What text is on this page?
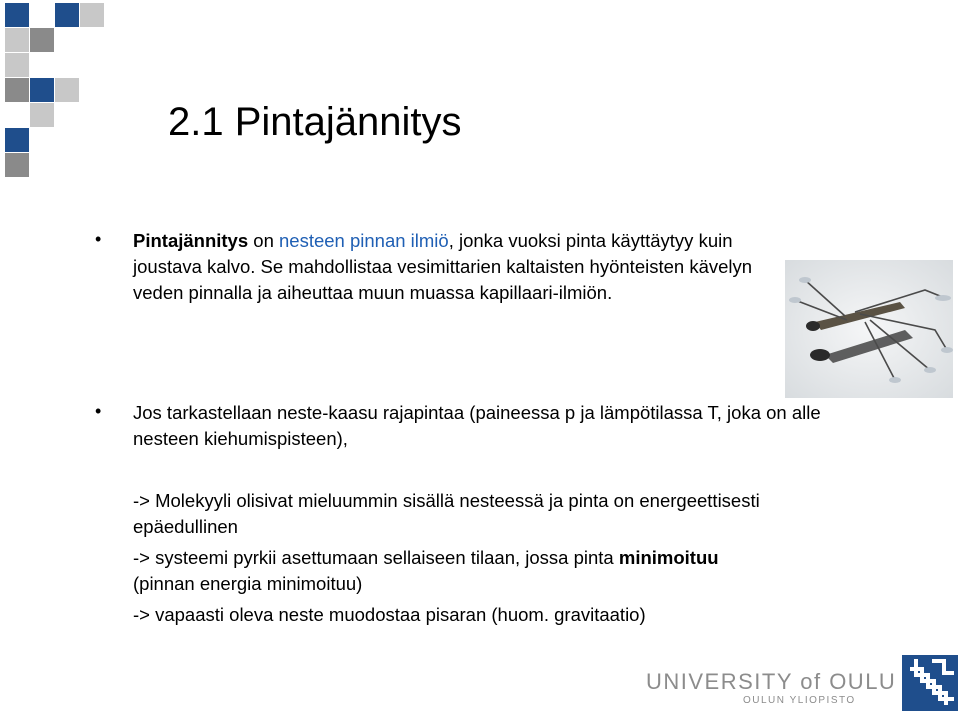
2.1 Pintajännitys
• Pintajännitys on nesteen pinnan ilmiö, jonka vuoksi pinta käyttäytyy kuin joustava kalvo. Se mahdollistaa vesimittarien kaltaisten hyönteisten kävelyn veden pinnalla ja aiheuttaa muun muassa kapillaari-ilmiön.

• Jos tarkastellaan neste-kaasu rajapintaa (paineessa p ja lämpötilassa T, joka on alle nesteen kiehumispisteen),

-> Molekyyli olisivat mieluummin sisällä nesteessä ja pinta on energeettisesti epäedullinen

-> systeemi pyrkii asettumaan sellaiseen tilaan, jossa pinta minimoituu (pinnan energia minimoituu)

-> vapaasti oleva neste muodostaa pisaran (huom. gravitaatio)

UNIVERSITY of OULU
OULUN YLIOPISTO
